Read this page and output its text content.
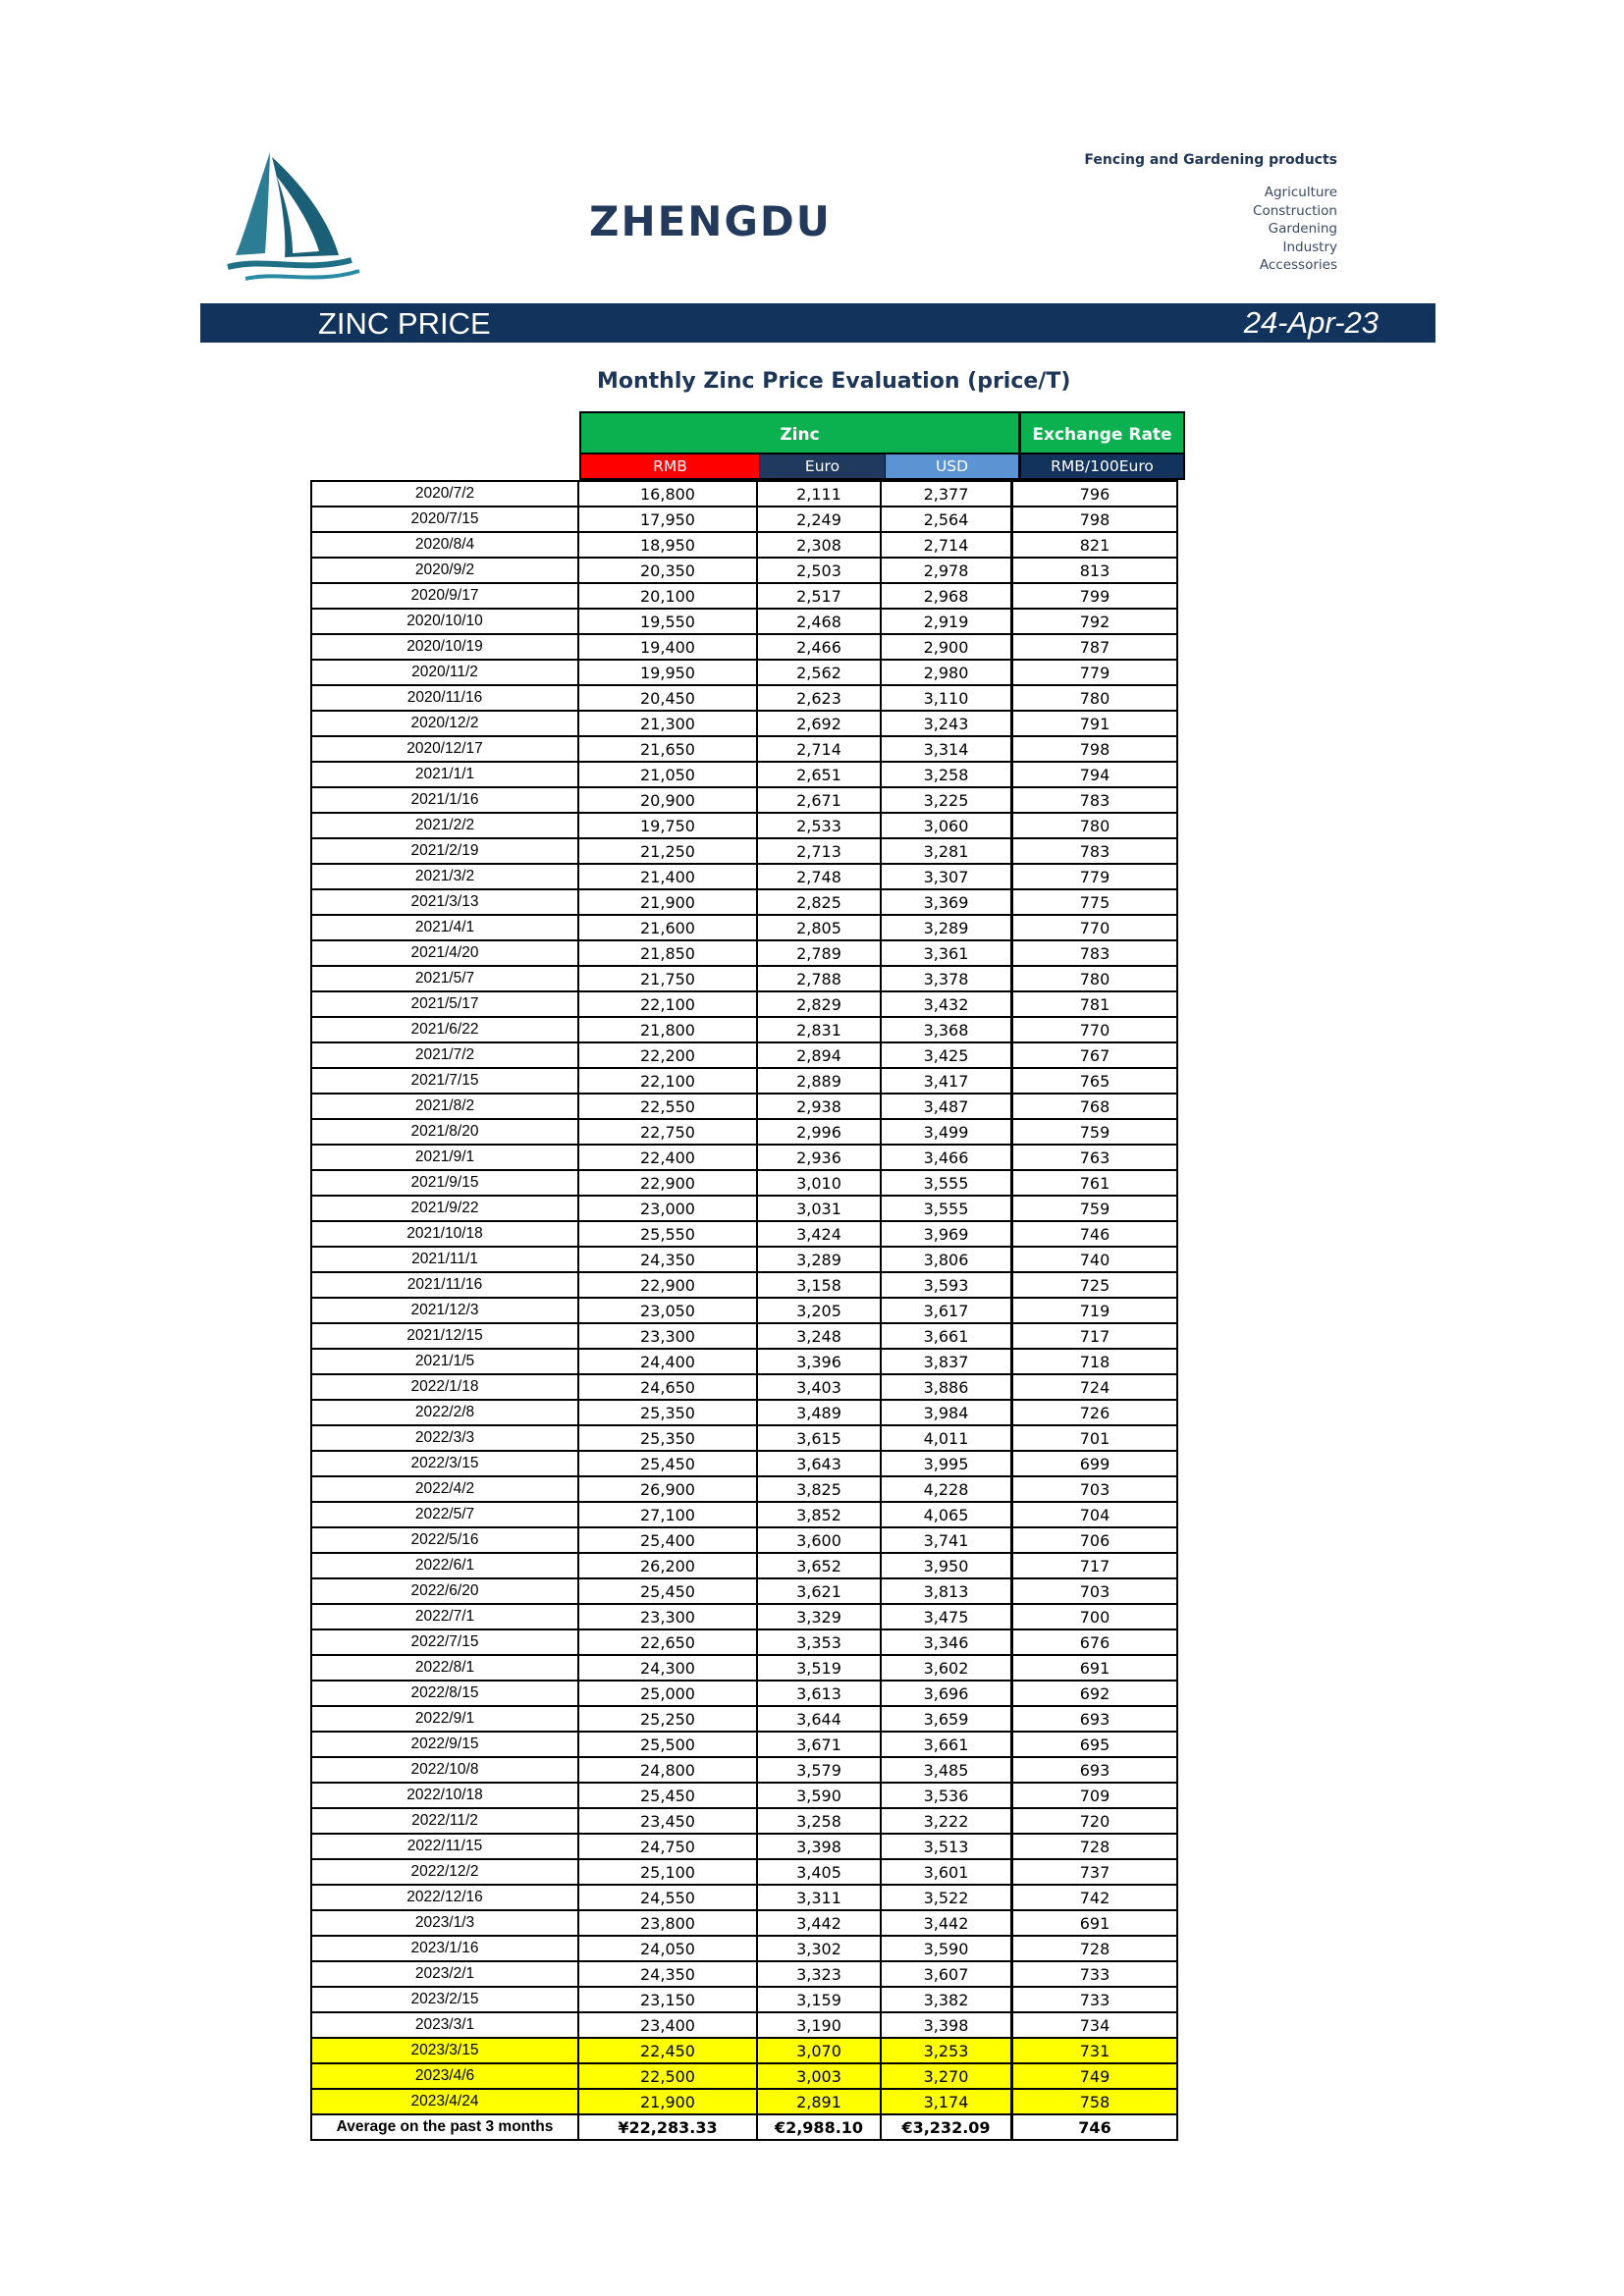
ZHENGDU
Fencing and Gardening products
Agriculture
Construction
Gardening
Industry
Accessories
ZINC PRICE	24-Apr-23
Monthly Zinc Price Evaluation (price/T)
Zinc	Exchange Rate
RMB	Euro	USD	RMB/100Euro
2020/7/2	16,800	2,111	2,377	796
2020/7/15	17,950	2,249	2,564	798
2020/8/4	18,950	2,308	2,714	821
2020/9/2	20,350	2,503	2,978	813
2020/9/17	20,100	2,517	2,968	799
2020/10/10	19,550	2,468	2,919	792
2020/10/19	19,400	2,466	2,900	787
2020/11/2	19,950	2,562	2,980	779
2020/11/16	20,450	2,623	3,110	780
2020/12/2	21,300	2,692	3,243	791
2020/12/17	21,650	2,714	3,314	798
2021/1/1	21,050	2,651	3,258	794
2021/1/16	20,900	2,671	3,225	783
2021/2/2	19,750	2,533	3,060	780
2021/2/19	21,250	2,713	3,281	783
2021/3/2	21,400	2,748	3,307	779
2021/3/13	21,900	2,825	3,369	775
2021/4/1	21,600	2,805	3,289	770
2021/4/20	21,850	2,789	3,361	783
2021/5/7	21,750	2,788	3,378	780
2021/5/17	22,100	2,829	3,432	781
2021/6/22	21,800	2,831	3,368	770
2021/7/2	22,200	2,894	3,425	767
2021/7/15	22,100	2,889	3,417	765
2021/8/2	22,550	2,938	3,487	768
2021/8/20	22,750	2,996	3,499	759
2021/9/1	22,400	2,936	3,466	763
2021/9/15	22,900	3,010	3,555	761
2021/9/22	23,000	3,031	3,555	759
2021/10/18	25,550	3,424	3,969	746
2021/11/1	24,350	3,289	3,806	740
2021/11/16	22,900	3,158	3,593	725
2021/12/3	23,050	3,205	3,617	719
2021/12/15	23,300	3,248	3,661	717
2021/1/5	24,400	3,396	3,837	718
2022/1/18	24,650	3,403	3,886	724
2022/2/8	25,350	3,489	3,984	726
2022/3/3	25,350	3,615	4,011	701
2022/3/15	25,450	3,643	3,995	699
2022/4/2	26,900	3,825	4,228	703
2022/5/7	27,100	3,852	4,065	704
2022/5/16	25,400	3,600	3,741	706
2022/6/1	26,200	3,652	3,950	717
2022/6/20	25,450	3,621	3,813	703
2022/7/1	23,300	3,329	3,475	700
2022/7/15	22,650	3,353	3,346	676
2022/8/1	24,300	3,519	3,602	691
2022/8/15	25,000	3,613	3,696	692
2022/9/1	25,250	3,644	3,659	693
2022/9/15	25,500	3,671	3,661	695
2022/10/8	24,800	3,579	3,485	693
2022/10/18	25,450	3,590	3,536	709
2022/11/2	23,450	3,258	3,222	720
2022/11/15	24,750	3,398	3,513	728
2022/12/2	25,100	3,405	3,601	737
2022/12/16	24,550	3,311	3,522	742
2023/1/3	23,800	3,442	3,442	691
2023/1/16	24,050	3,302	3,590	728
2023/2/1	24,350	3,323	3,607	733
2023/2/15	23,150	3,159	3,382	733
2023/3/1	23,400	3,190	3,398	734
2023/3/15	22,450	3,070	3,253	731
2023/4/6	22,500	3,003	3,270	749
2023/4/24	21,900	2,891	3,174	758
Average on the past 3 months	¥22,283.33	€2,988.10	€3,232.09	746
